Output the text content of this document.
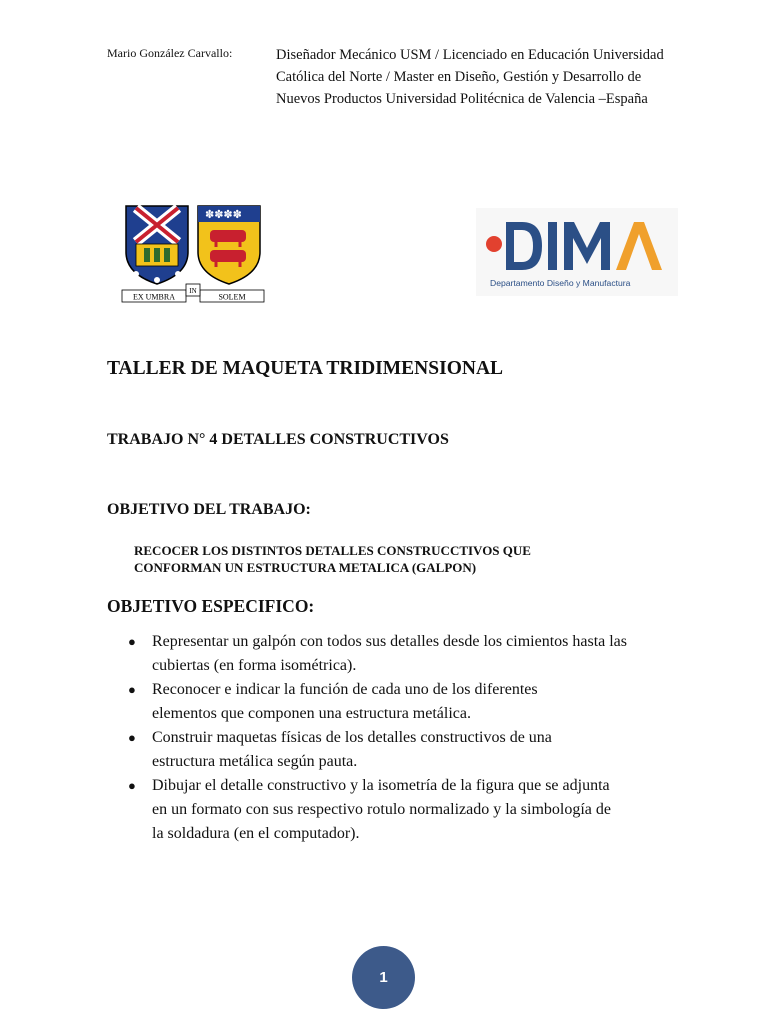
Mario González Carvallo:	Diseñador Mecánico USM / Licenciado en Educación Universidad
Católica del Norte / Master en Diseño, Gestión y Desarrollo de
Nuevos Productos Universidad Politécnica de Valencia –España
✽✽✽✽
EX UMBRA
IN
SOLEM
Departamento Diseño y Manufactura
TALLER DE MAQUETA TRIDIMENSIONAL
TRABAJO N° 4 DETALLES CONSTRUCTIVOS
OBJETIVO DEL TRABAJO:
RECOCER LOS DISTINTOS DETALLES CONSTRUCCTIVOS QUE
CONFORMAN UN ESTRUCTURA METALICA (GALPON)
OBJETIVO ESPECIFICO:
● Representar un galpón con todos sus detalles desde los cimientos hasta las
cubiertas (en forma isométrica).
● Reconocer e indicar la función de cada uno de los diferentes
elementos que componen una estructura metálica.
● Construir maquetas físicas de los detalles constructivos de una
estructura metálica según pauta.
● Dibujar el detalle constructivo y la isometría de la figura que se adjunta
en un formato con sus respectivo rotulo normalizado y la simbología de
la soldadura (en el computador).
1
